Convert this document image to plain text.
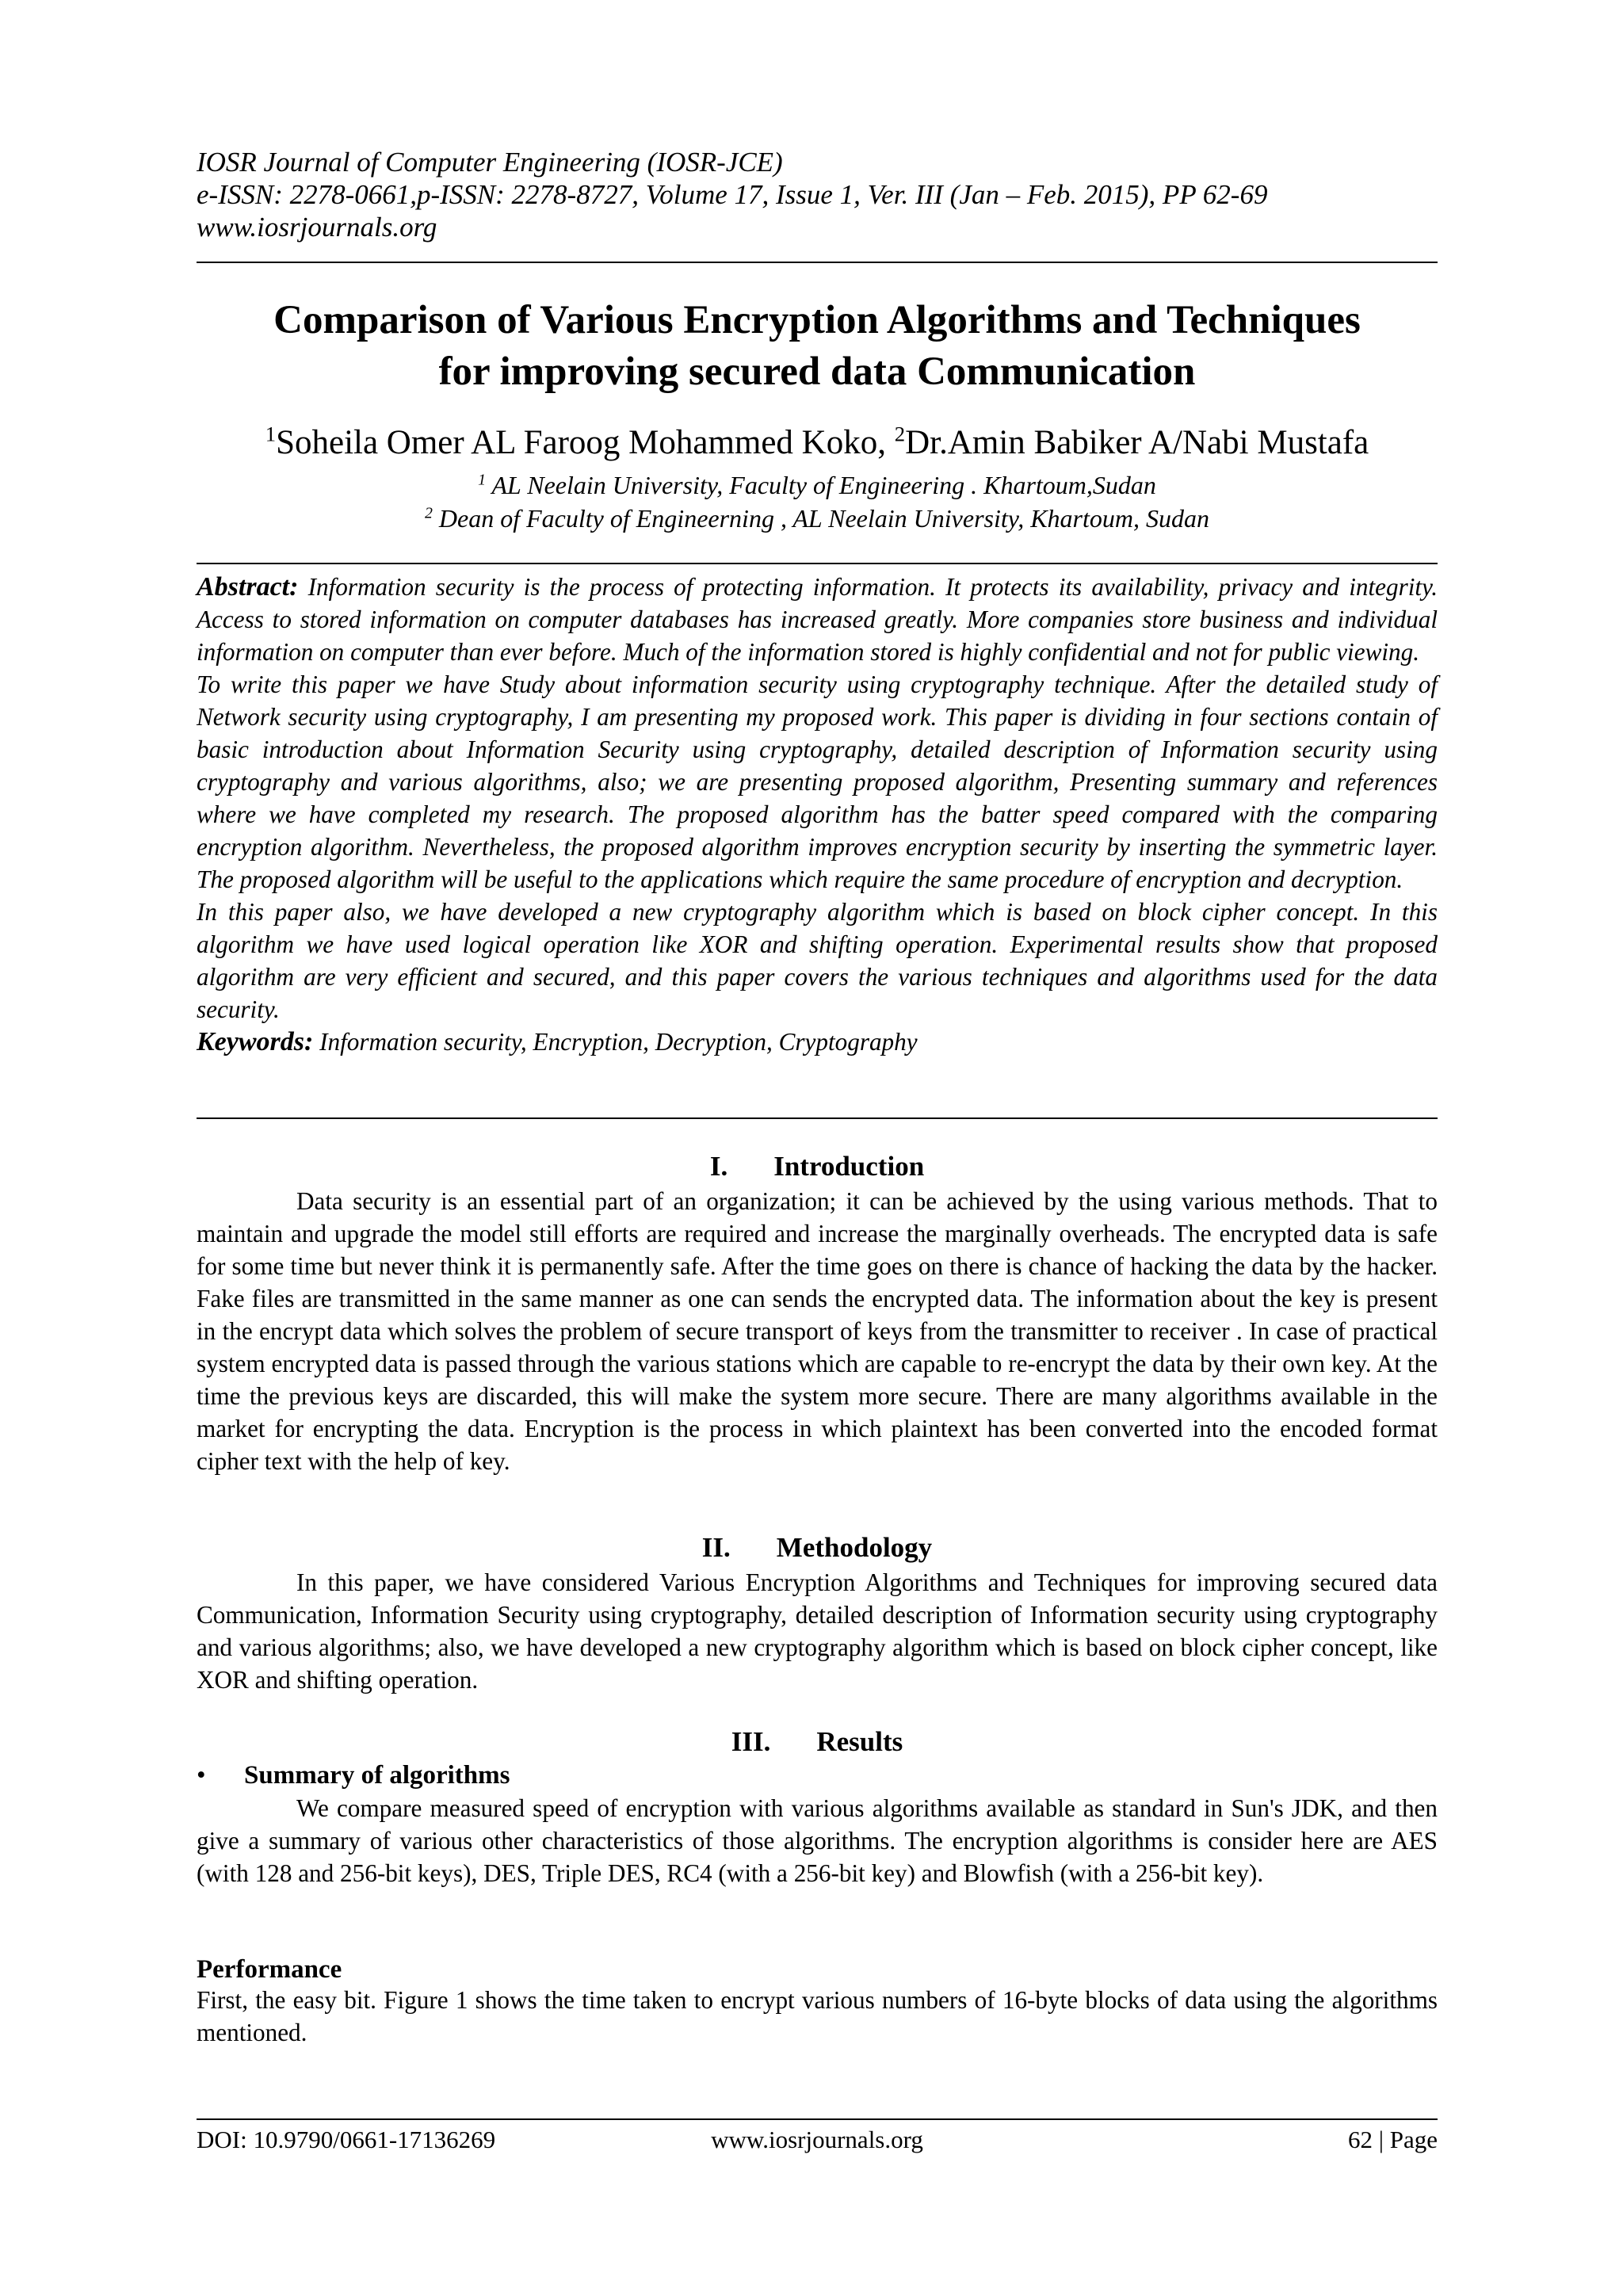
IOSR Journal of Computer Engineering (IOSR-JCE)
e-ISSN: 2278-0661,p-ISSN: 2278-8727, Volume 17, Issue 1, Ver. III (Jan – Feb. 2015), PP 62-69
www.iosrjournals.org
Comparison of Various Encryption Algorithms and Techniques
for improving secured data Communication
$^1$Soheila Omer AL Faroog Mohammed Koko, $^2$Dr.Amin Babiker A/Nabi Mustafa
$^1$ AL Neelain University, Faculty of Engineering . Khartoum,Sudan
$^2$ Dean of Faculty of Engineerning , AL Neelain University, Khartoum, Sudan

Abstract: Information security is the process of protecting information. It protects its availability, privacy and integrity. Access to stored information on computer databases has increased greatly. More companies store business and individual information on computer than ever before. Much of the information stored is highly confidential and not for public viewing.

To write this paper we have Study about information security using cryptography technique. After the detailed study of Network security using cryptography, I am presenting my proposed work. This paper is dividing in four sections contain of basic introduction about Information Security using cryptography, detailed description of Information security using cryptography and various algorithms, also; we are presenting proposed algorithm, Presenting summary and references where we have completed my research. The proposed algorithm has the batter speed compared with the comparing encryption algorithm. Nevertheless, the proposed algorithm improves encryption security by inserting the symmetric layer. The proposed algorithm will be useful to the applications which require the same procedure of encryption and decryption.

In this paper also, we have developed a new cryptography algorithm which is based on block cipher concept. In this algorithm we have used logical operation like XOR and shifting operation. Experimental results show that proposed algorithm are very efficient and secured, and this paper covers the various techniques and algorithms used for the data security.

Keywords: Information security, Encryption, Decryption, Cryptography

I. Introduction

Data security is an essential part of an organization; it can be achieved by the using various methods. That to maintain and upgrade the model still efforts are required and increase the marginally overheads. The encrypted data is safe for some time but never think it is permanently safe. After the time goes on there is chance of hacking the data by the hacker. Fake files are transmitted in the same manner as one can sends the encrypted data. The information about the key is present in the encrypt data which solves the problem of secure transport of keys from the transmitter to receiver . In case of practical system encrypted data is passed through the various stations which are capable to re-encrypt the data by their own key. At the time the previous keys are discarded, this will make the system more secure. There are many algorithms available in the market for encrypting the data. Encryption is the process in which plaintext has been converted into the encoded format cipher text with the help of key.

II. Methodology

In this paper, we have considered Various Encryption Algorithms and Techniques for improving secured data Communication, Information Security using cryptography, detailed description of Information security using cryptography and various algorithms; also, we have developed a new cryptography algorithm which is based on block cipher concept, like XOR and shifting operation.

III. Results
• Summary of algorithms

We compare measured speed of encryption with various algorithms available as standard in Sun's JDK, and then give a summary of various other characteristics of those algorithms. The encryption algorithms is consider here are AES (with 128 and 256-bit keys), DES, Triple DES, RC4 (with a 256-bit key) and Blowfish (with a 256-bit key).

Performance
First, the easy bit. Figure 1 shows the time taken to encrypt various numbers of 16-byte blocks of data using the algorithms mentioned.
DOI: 10.9790/0661-17136269	www.iosrjournals.org	62 | Page
